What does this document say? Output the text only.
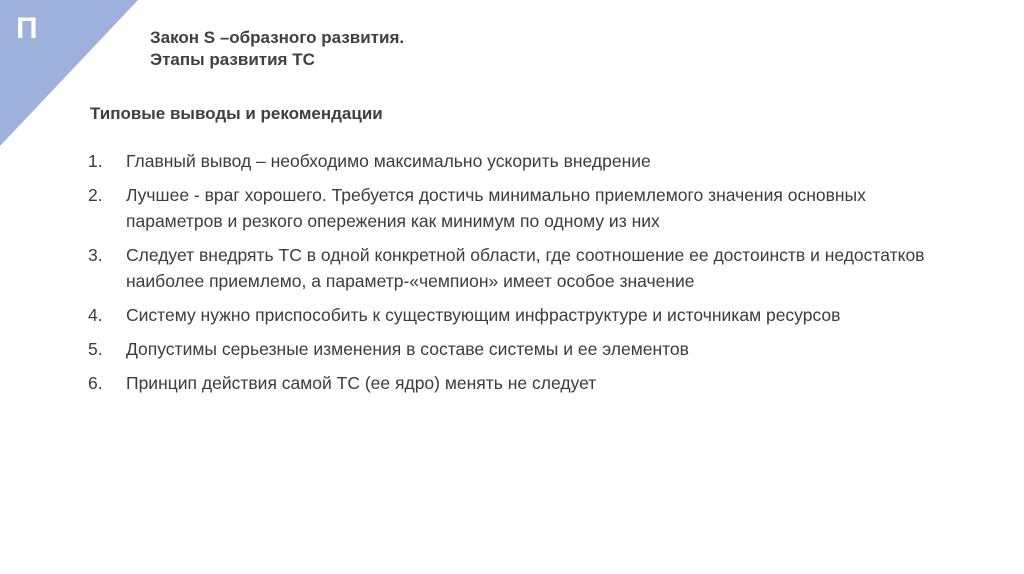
П	Закон S –образного развития.
Этапы развития ТС
Типовые выводы и рекомендации
1.	Главный вывод – необходимо максимально ускорить внедрение
2.	Лучшее - враг хорошего. Требуется достичь минимально приемлемого значения основных параметров и резкого опережения как минимум по одному из них
3.	Следует внедрять ТС в одной конкретной области, где соотношение ее достоинств и недостатков наиболее приемлемо, а параметр-«чемпион» имеет особое значение
4.	Систему нужно приспособить к существующим инфраструктуре и источникам ресурсов
5.	Допустимы серьезные изменения в составе системы и ее элементов
6.	Принцип действия самой ТС (ее ядро) менять не следует
